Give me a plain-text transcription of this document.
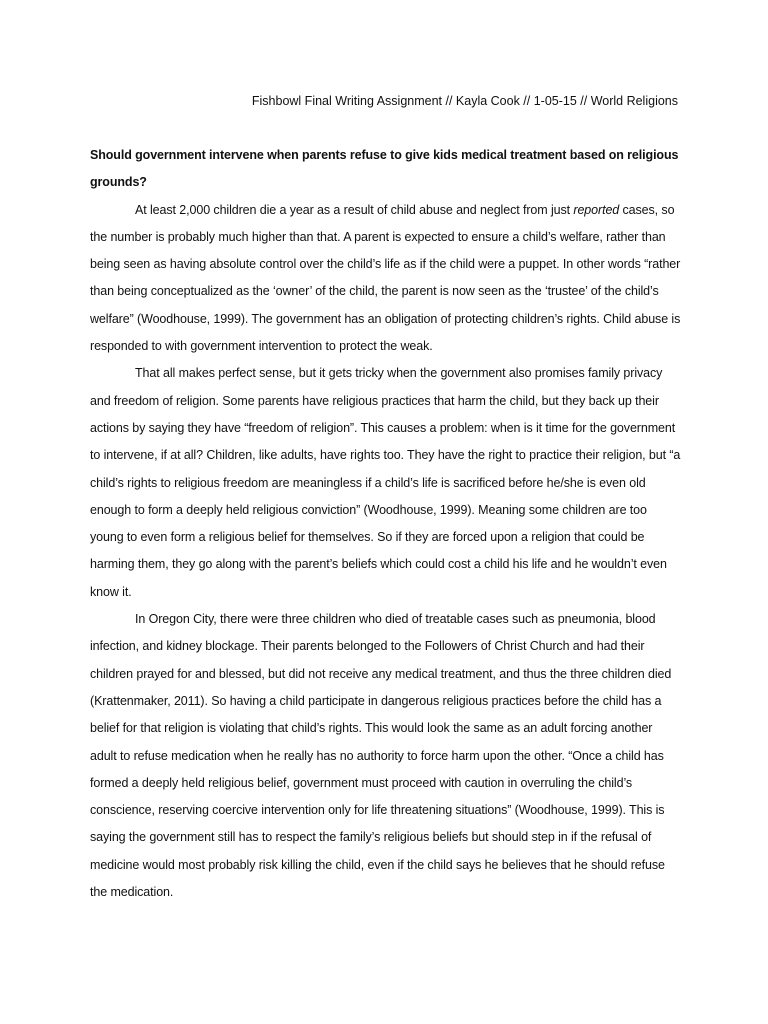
Fishbowl Final Writing Assignment // Kayla Cook // 1-05-15 // World Religions

Should government intervene when parents refuse to give kids medical treatment based on religious grounds?

At least 2,000 children die a year as a result of child abuse and neglect from just reported cases, so the number is probably much higher than that. A parent is expected to ensure a child’s welfare, rather than being seen as having absolute control over the child’s life as if the child were a puppet. In other words “rather than being conceptualized as the ‘owner’ of the child, the parent is now seen as the ‘trustee’ of the child’s welfare” (Woodhouse, 1999). The government has an obligation of protecting children’s rights. Child abuse is responded to with government intervention to protect the weak.

That all makes perfect sense, but it gets tricky when the government also promises family privacy and freedom of religion. Some parents have religious practices that harm the child, but they back up their actions by saying they have “freedom of religion”. This causes a problem: when is it time for the government to intervene, if at all? Children, like adults, have rights too. They have the right to practice their religion, but “a child’s rights to religious freedom are meaningless if a child’s life is sacrificed before he/she is even old enough to form a deeply held religious conviction” (Woodhouse, 1999). Meaning some children are too young to even form a religious belief for themselves. So if they are forced upon a religion that could be harming them, they go along with the parent’s beliefs which could cost a child his life and he wouldn’t even know it.

In Oregon City, there were three children who died of treatable cases such as pneumonia, blood infection, and kidney blockage. Their parents belonged to the Followers of Christ Church and had their children prayed for and blessed, but did not receive any medical treatment, and thus the three children died (Krattenmaker, 2011). So having a child participate in dangerous religious practices before the child has a belief for that religion is violating that child’s rights. This would look the same as an adult forcing another adult to refuse medication when he really has no authority to force harm upon the other. “Once a child has formed a deeply held religious belief, government must proceed with caution in overruling the child’s conscience, reserving coercive intervention only for life threatening situations” (Woodhouse, 1999). This is saying the government still has to respect the family’s religious beliefs but should step in if the refusal of medicine would most probably risk killing the child, even if the child says he believes that he should refuse the medication.
